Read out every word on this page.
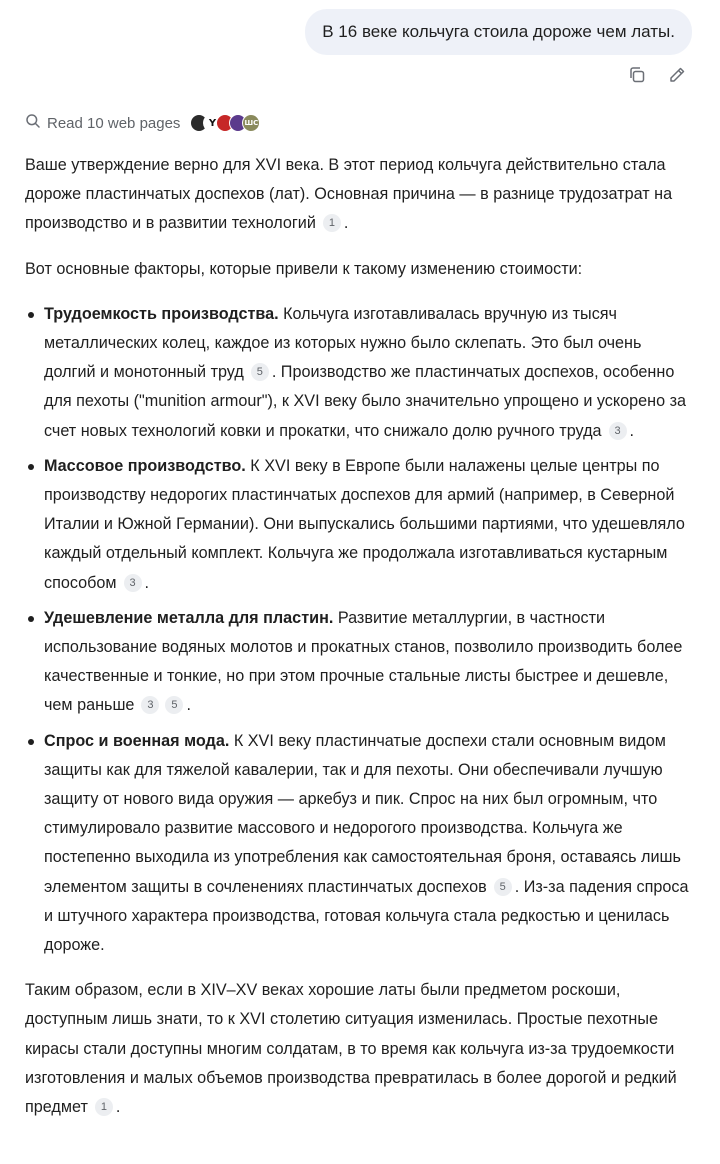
В 16 веке кольчуга стоила дороже чем латы.
Read 10 web pages	Y	ШС

Ваше утверждение верно для XVI века. В этот период кольчуга действительно стала дороже пластинчатых доспехов (лат). Основная причина — в разнице трудозатрат на производство и в развитии технологий 1 .

Вот основные факторы, которые привели к такому изменению стоимости:

Трудоемкость производства. Кольчуга изготавливалась вручную из тысяч металлических колец, каждое из которых нужно было склепать. Это был очень долгий и монотонный труд 5 . Производство же пластинчатых доспехов, особенно для пехоты ("munition armour"), к XVI веку было значительно упрощено и ускорено за счет новых технологий ковки и прокатки, что снижало долю ручного труда 3 .
Массовое производство. К XVI веку в Европе были налажены целые центры по производству недорогих пластинчатых доспехов для армий (например, в Северной Италии и Южной Германии). Они выпускались большими партиями, что удешевляло каждый отдельный комплект. Кольчуга же продолжала изготавливаться кустарным способом 3 .
Удешевление металла для пластин. Развитие металлургии, в частности использование водяных молотов и прокатных станов, позволило производить более качественные и тонкие, но при этом прочные стальные листы быстрее и дешевле, чем раньше 3 5 .
Спрос и военная мода. К XVI веку пластинчатые доспехи стали основным видом защиты как для тяжелой кавалерии, так и для пехоты. Они обеспечивали лучшую защиту от нового вида оружия — аркебуз и пик. Спрос на них был огромным, что стимулировало развитие массового и недорогого производства. Кольчуга же постепенно выходила из употребления как самостоятельная броня, оставаясь лишь элементом защиты в сочленениях пластинчатых доспехов 5 . Из-за падения спроса и штучного характера производства, готовая кольчуга стала редкостью и ценилась дороже.

Таким образом, если в XIV–XV веках хорошие латы были предметом роскоши, доступным лишь знати, то к XVI столетию ситуация изменилась. Простые пехотные кирасы стали доступны многим солдатам, в то время как кольчуга из-за трудоемкости изготовления и малых объемов производства превратилась в более дорогой и редкий предмет 1 .
